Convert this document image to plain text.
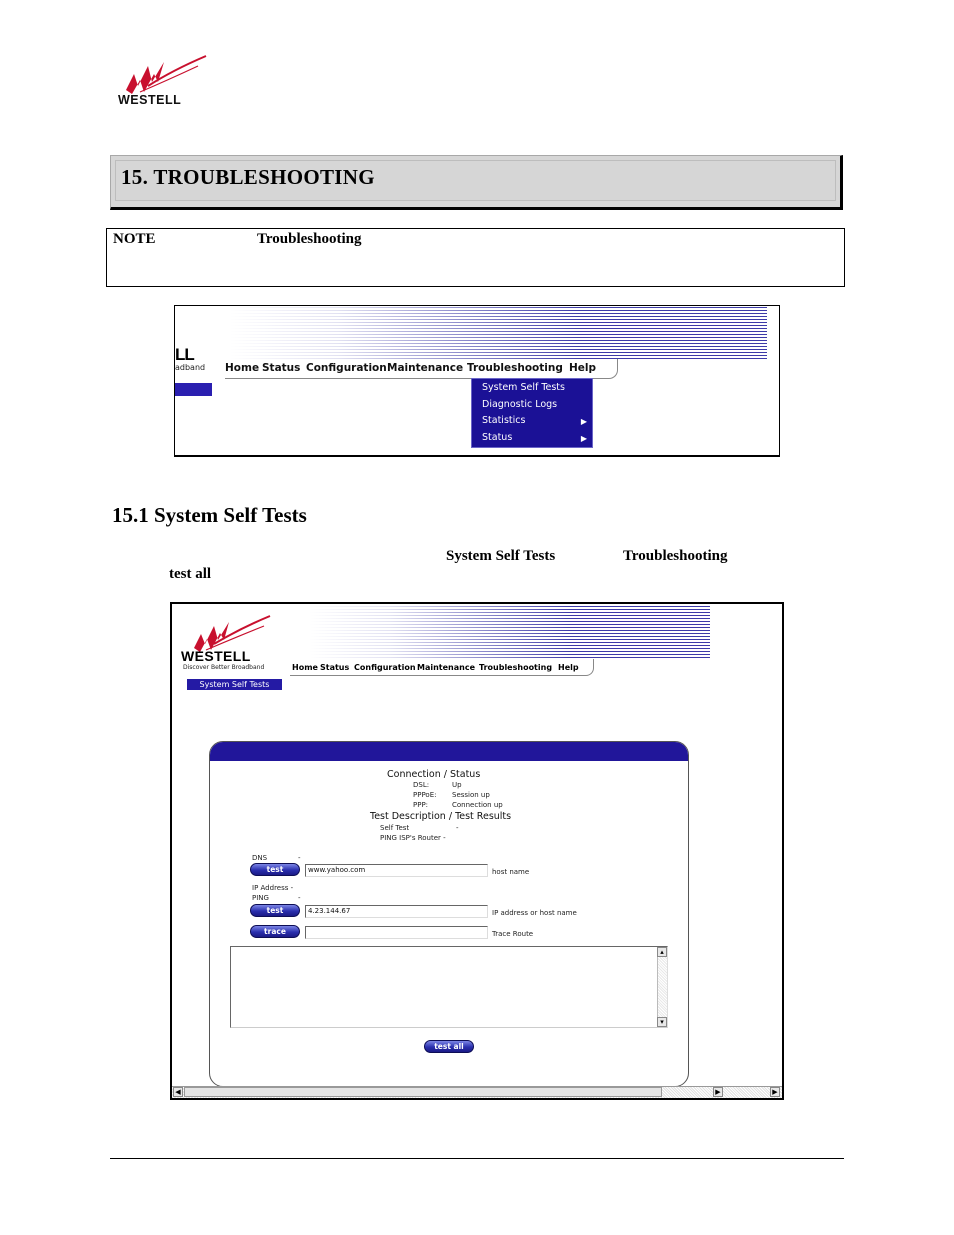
WESTELL
15. TROUBLESHOOTING
NOTE	Troubleshooting
LL
adband Home Status Configuration Maintenance Troubleshooting Help
System Self Tests
Diagnostic Logs
Statistics	▶
Status	▶
15.1 System Self Tests
System Self Tests	Troubleshooting
test all
WESTELL
Discover Better Broadband	Home Status Configuration Maintenance Troubleshooting Help
System Self Tests
Connection / Status
DSL:	Up
PPPoE: Session up
PPP:	Connection up
Test Description / Test Results
Self Test	-
PING ISP's Router -
DNS	-
test	www.yahoo.com	host name
IP Address -
PING	-
test	4.23.144.67	IP address or host name
trace	Trace Route
▴
▾
test all
◀	▶	▶
